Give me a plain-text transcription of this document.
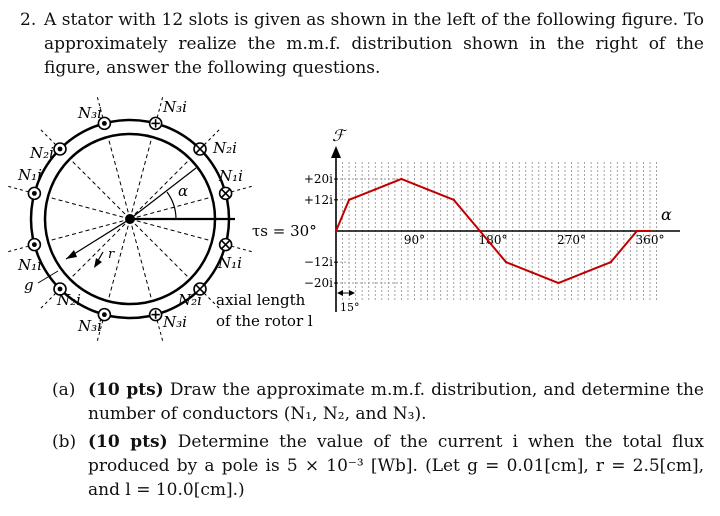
2. A stator with 12 slots is given as shown in the left of the following figure. To approximately realize the m.m.f. distribution shown in the right of the figure, answer the following questions.
N₃i	N₃i
N₂i	N₂i
N₁i	N₁i
N₁i	N₁i
N₂i	N₂i
N₃i	N₃i
α
r
g
τs = 30°
axial length
of the rotor l
ℱ
α
+20i
+12i
−12i
−20i
90°	180°	270°	360°
15°
(a) (10 pts) Draw the approximate m.m.f. distribution, and determine the number of conductors (N₁, N₂, and N₃).
(b) (10 pts) Determine the value of the current i when the total flux produced by a pole is 5 × 10⁻³ [Wb]. (Let g = 0.01[cm], r = 2.5[cm], and l = 10.0[cm].)
